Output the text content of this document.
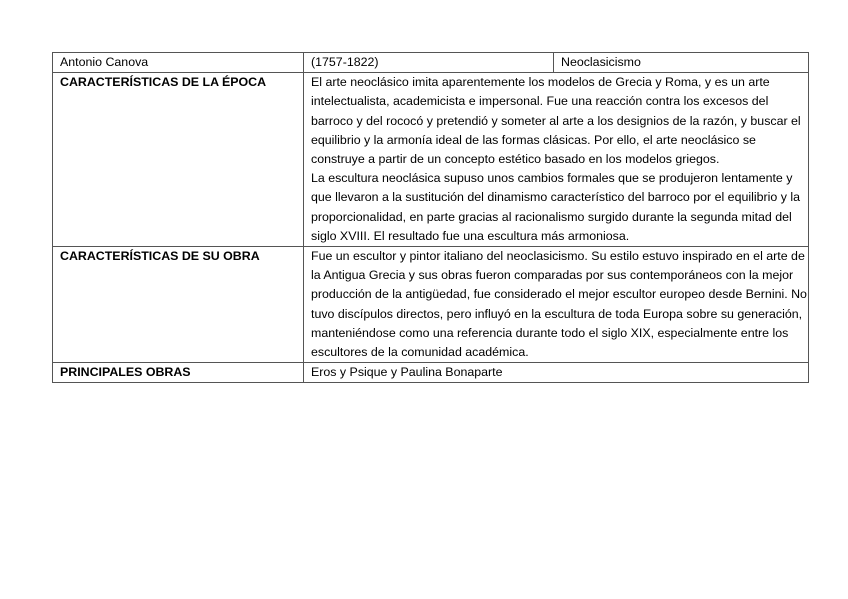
Antonio Canova	(1757-1822)	Neoclasicismo
CARACTERÍSTICAS DE LA ÉPOCA	El arte neoclásico imita aparentemente los modelos de Grecia y Roma, y es un arte intelectualista, academicista e impersonal. Fue una reacción contra los excesos del barroco y del rococó y pretendió y someter al arte a los designios de la razón, y buscar el equilibrio y la armonía ideal de las formas clásicas. Por ello, el arte neoclásico se construye a partir de un concepto estético basado en los modelos griegos.
La escultura neoclásica supuso unos cambios formales que se produjeron lentamente y que llevaron a la sustitución del dinamismo característico del barroco por el equilibrio y la proporcionalidad, en parte gracias al racionalismo surgido durante la segunda mitad del siglo XVIII. El resultado fue una escultura más armoniosa.	

CARACTERÍSTICAS DE SU OBRA	Fue un escultor y pintor italiano del neoclasicismo. Su estilo estuvo inspirado en el arte de la Antigua Grecia y sus obras fueron comparadas por sus contemporáneos con la mejor producción de la antigüedad, fue considerado el mejor escultor europeo desde Bernini. No tuvo discípulos directos, pero influyó en la escultura de toda Europa sobre su generación, manteniéndose como una referencia durante todo el siglo XIX, especialmente entre los escultores de la comunidad académica.	

PRINCIPALES OBRAS	Eros y Psique y Paulina Bonaparte	
